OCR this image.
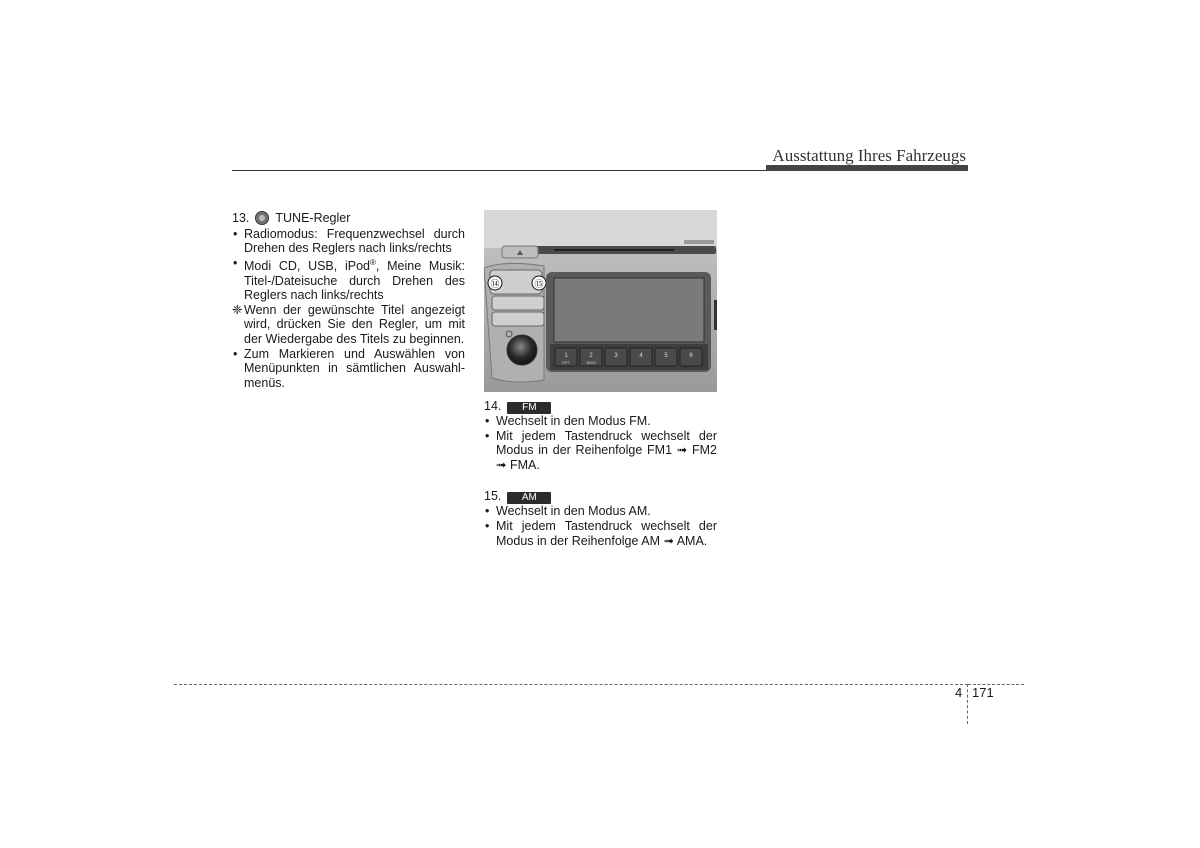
Ausstattung Ihres Fahrzeugs
13. TUNE-Regler

• Radiomodus: Frequenzwechsel durch Drehen des Reglers nach links/rechts

• Modi CD, USB, iPod®, Meine Musik: Titel-/Dateisuche durch Drehen des Reglers nach links/rechts

❈ Wenn der gewünschte Titel angezeigt wird, drücken Sie den Regler, um mit der Wiedergabe des Titels zu beginnen.

• Zum Markieren und Auswählen von Menüpunkten in sämtlichen Auswahlmenüs.

⑭	⑮
1	2	3	4	5	6
RPT	RDM
14. FM

• Wechselt in den Modus FM.

• Mit jedem Tastendruck wechselt der Modus in der Reihenfolge FM1 ➟ FM2 ➟ FMA.

15. AM

• Wechselt in den Modus AM.

• Mit jedem Tastendruck wechselt der Modus in der Reihenfolge AM ➟ AMA.

4 171
